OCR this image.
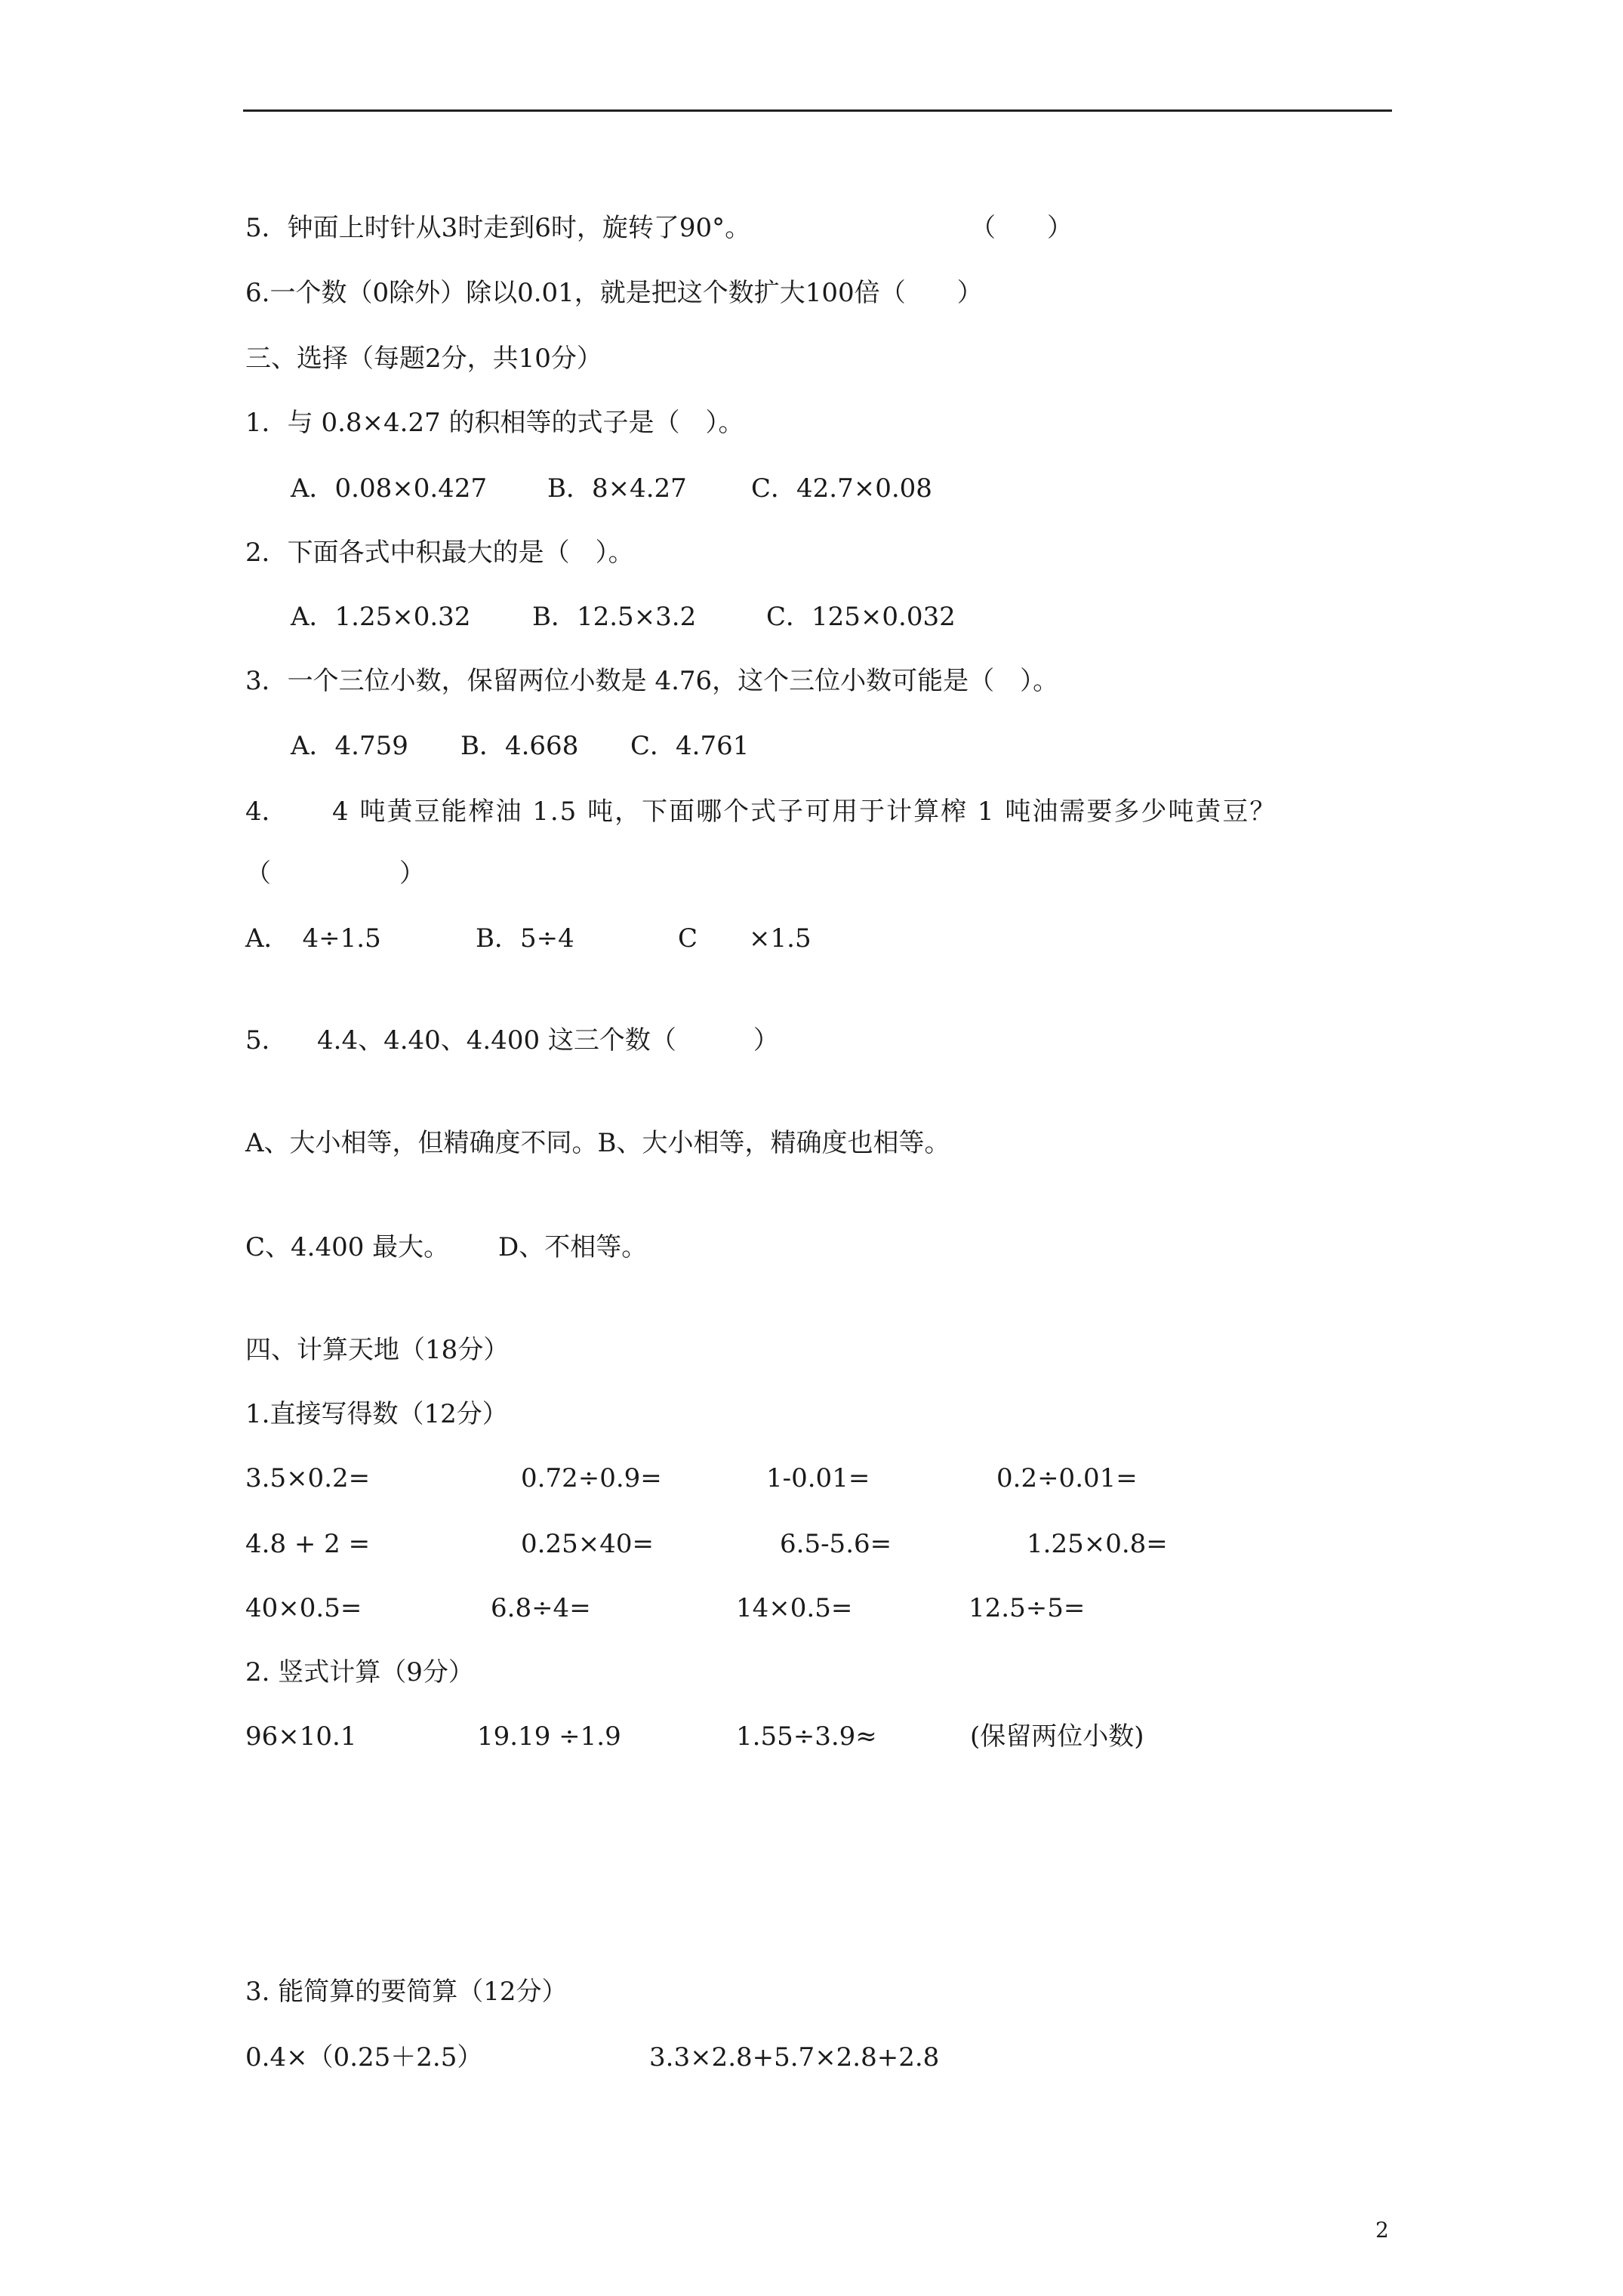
5．钟面上时针从3时走到6时，旋转了90°。	（　　）
6.一个数（0除外）除以0.01，就是把这个数扩大100倍（　　）
三、选择（每题2分，共10分）
1．与 0.8×4.27 的积相等的式子是（　）。
A．0.08×0.427 B．8×4.27	C．42.7×0.08
2．下面各式中积最大的是（　）。
A．1.25×0.32 B．12.5×3.2	C．125×0.032
3．一个三位小数，保留两位小数是 4.76，这个三位小数可能是（　）。
A．4.759 B．4.668 C．4.761
4． 4 吨黄豆能榨油 1.5 吨，下面哪个式子可用于计算榨 1 吨油需要多少吨黄豆？
（　　　　　）
A．　4÷1.5	B．5÷4	C　　×1.5
5． 4.4、4.40、4.400 这三个数（　　　）
A、大小相等，但精确度不同。B、大小相等，精确度也相等。
C、4.400 最大。 D、不相等。
四、计算天地（18分）
1.直接写得数（12分）
3.5×0.2=	0.72÷0.9=	1-0.01=	0.2÷0.01=
4.8 + 2 =	0.25×40=	6.5-5.6=	1.25×0.8=
40×0.5=	6.8÷4=	14×0.5=	12.5÷5=
2. 竖式计算（9分）
96×10.1	19.19 ÷1.9	1.55÷3.9≈	(保留两位小数)
3. 能简算的要简算（12分）
0.4×（0.25＋2.5）	3.3×2.8+5.7×2.8+2.8
2
